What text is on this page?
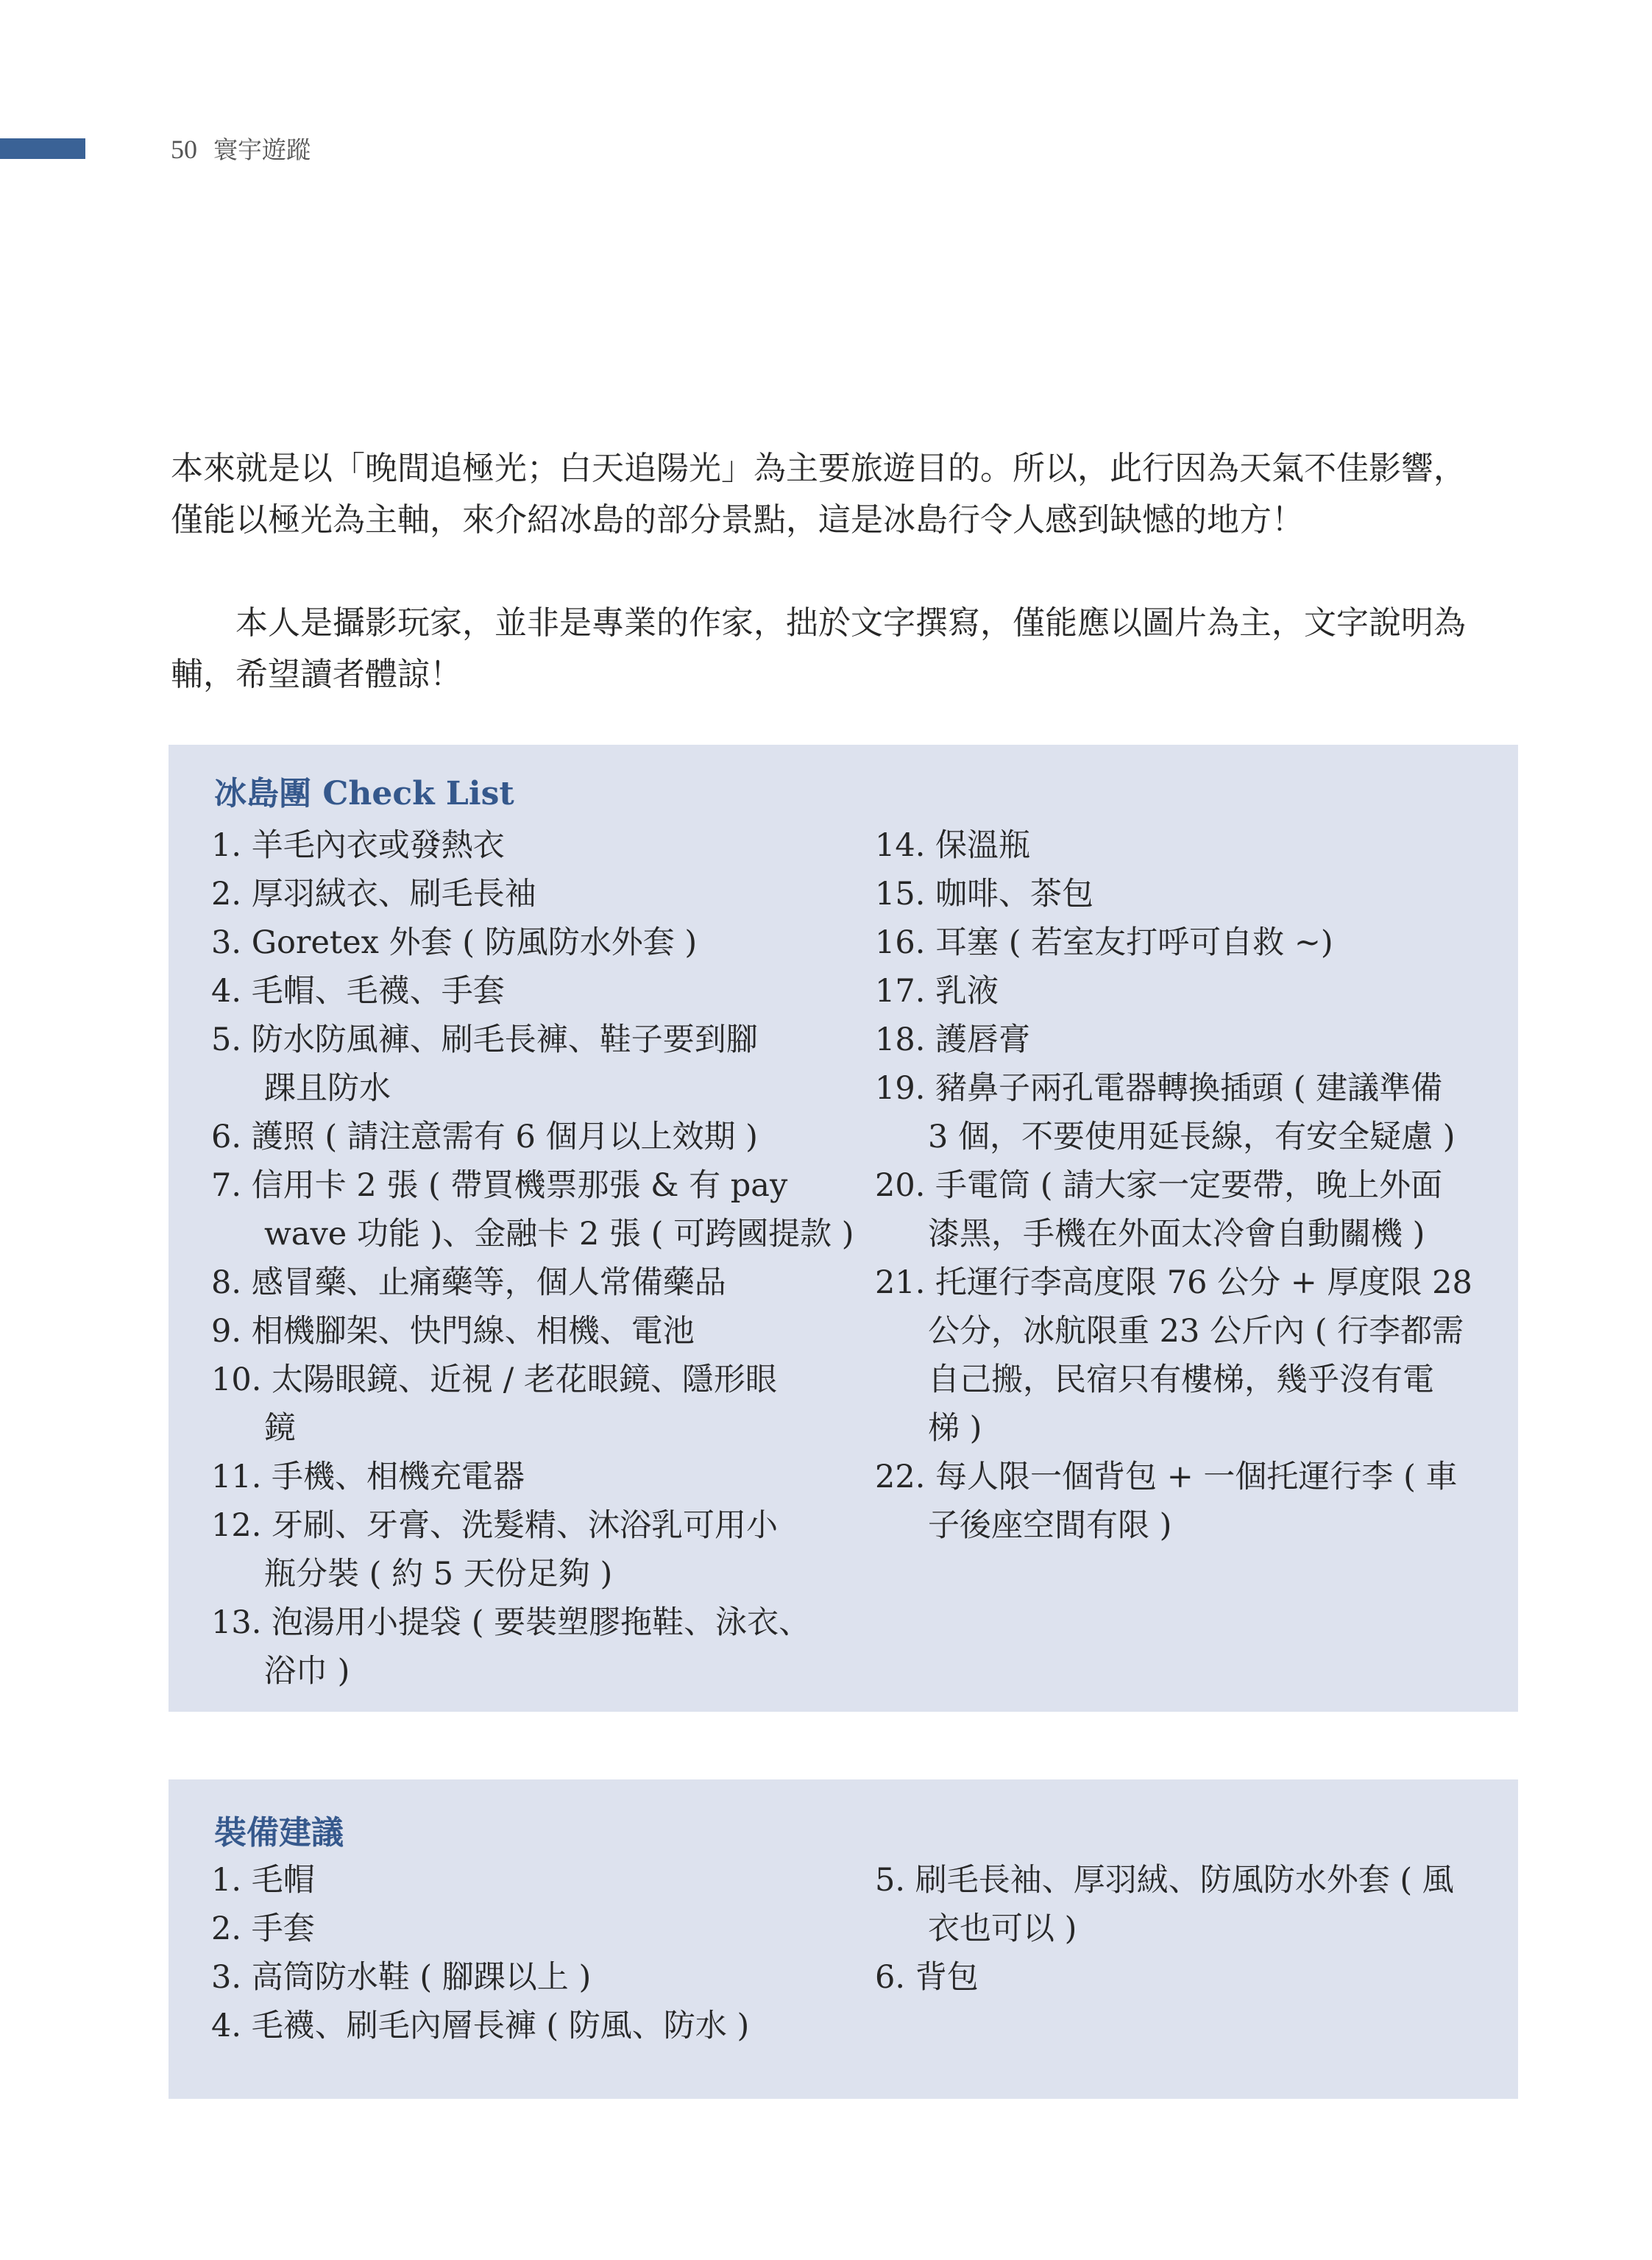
50 寰宇遊蹤

本來就是以「晚間追極光；白天追陽光」為主要旅遊目的。所以，此行因為天氣不佳影響，
僅能以極光為主軸，來介紹冰島的部分景點，這是冰島行令人感到缺憾的地方！

　　本人是攝影玩家，並非是專業的作家，拙於文字撰寫，僅能應以圖片為主，文字說明為
輔，希望讀者體諒！

冰島團 Check List
1. 羊毛內衣或發熱衣
2. 厚羽絨衣、刷毛長袖
3. Goretex 外套 ( 防風防水外套 )
4. 毛帽、毛襪、手套
5. 防水防風褲、刷毛長褲、鞋子要到腳
踝且防水
6. 護照 ( 請注意需有 6 個月以上效期 )
7. 信用卡 2 張 ( 帶買機票那張 & 有 pay
wave 功能 )、金融卡 2 張 ( 可跨國提款 )
8. 感冒藥、止痛藥等，個人常備藥品
9. 相機腳架、快門線、相機、電池
10. 太陽眼鏡、近視 / 老花眼鏡、隱形眼
鏡
11. 手機、相機充電器
12. 牙刷、牙膏、洗髮精、沐浴乳可用小
瓶分裝 ( 約 5 天份足夠 )
13. 泡湯用小提袋 ( 要裝塑膠拖鞋、泳衣、
浴巾 )
14. 保溫瓶
15. 咖啡、茶包
16. 耳塞 ( 若室友打呼可自救 ~)
17. 乳液
18. 護唇膏
19. 豬鼻子兩孔電器轉換插頭 ( 建議準備
3 個，不要使用延長線，有安全疑慮 )
20. 手電筒 ( 請大家一定要帶，晚上外面
漆黑，手機在外面太冷會自動關機 )
21. 托運行李高度限 76 公分 + 厚度限 28
公分，冰航限重 23 公斤內 ( 行李都需
自己搬，民宿只有樓梯，幾乎沒有電
梯 )
22. 每人限一個背包 + 一個托運行李 ( 車
子後座空間有限 )
裝備建議
1. 毛帽
2. 手套
3. 高筒防水鞋 ( 腳踝以上 )
4. 毛襪、刷毛內層長褲 ( 防風、防水 )
5. 刷毛長袖、厚羽絨、防風防水外套 ( 風
衣也可以 )
6. 背包
